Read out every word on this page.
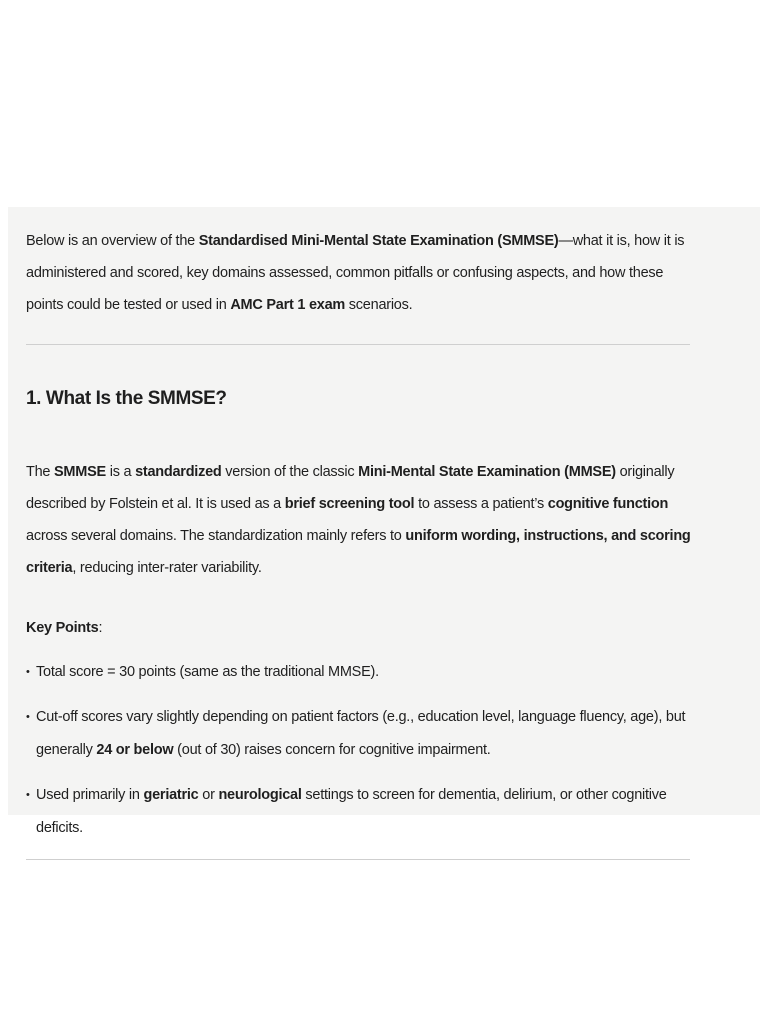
Below is an overview of the Standardised Mini-Mental State Examination (SMMSE)—what it is, how it is administered and scored, key domains assessed, common pitfalls or confusing aspects, and how these points could be tested or used in AMC Part 1 exam scenarios.

1. What Is the SMMSE?

The SMMSE is a standardized version of the classic Mini-Mental State Examination (MMSE) originally described by Folstein et al. It is used as a brief screening tool to assess a patient’s cognitive function across several domains. The standardization mainly refers to uniform wording, instructions, and scoring criteria, reducing inter-rater variability.

Key Points:

• Total score = 30 points (same as the traditional MMSE).
• Cut-off scores vary slightly depending on patient factors (e.g., education level, language fluency, age), but generally 24 or below (out of 30) raises concern for cognitive impairment.
• Used primarily in geriatric or neurological settings to screen for dementia, delirium, or other cognitive deficits.
